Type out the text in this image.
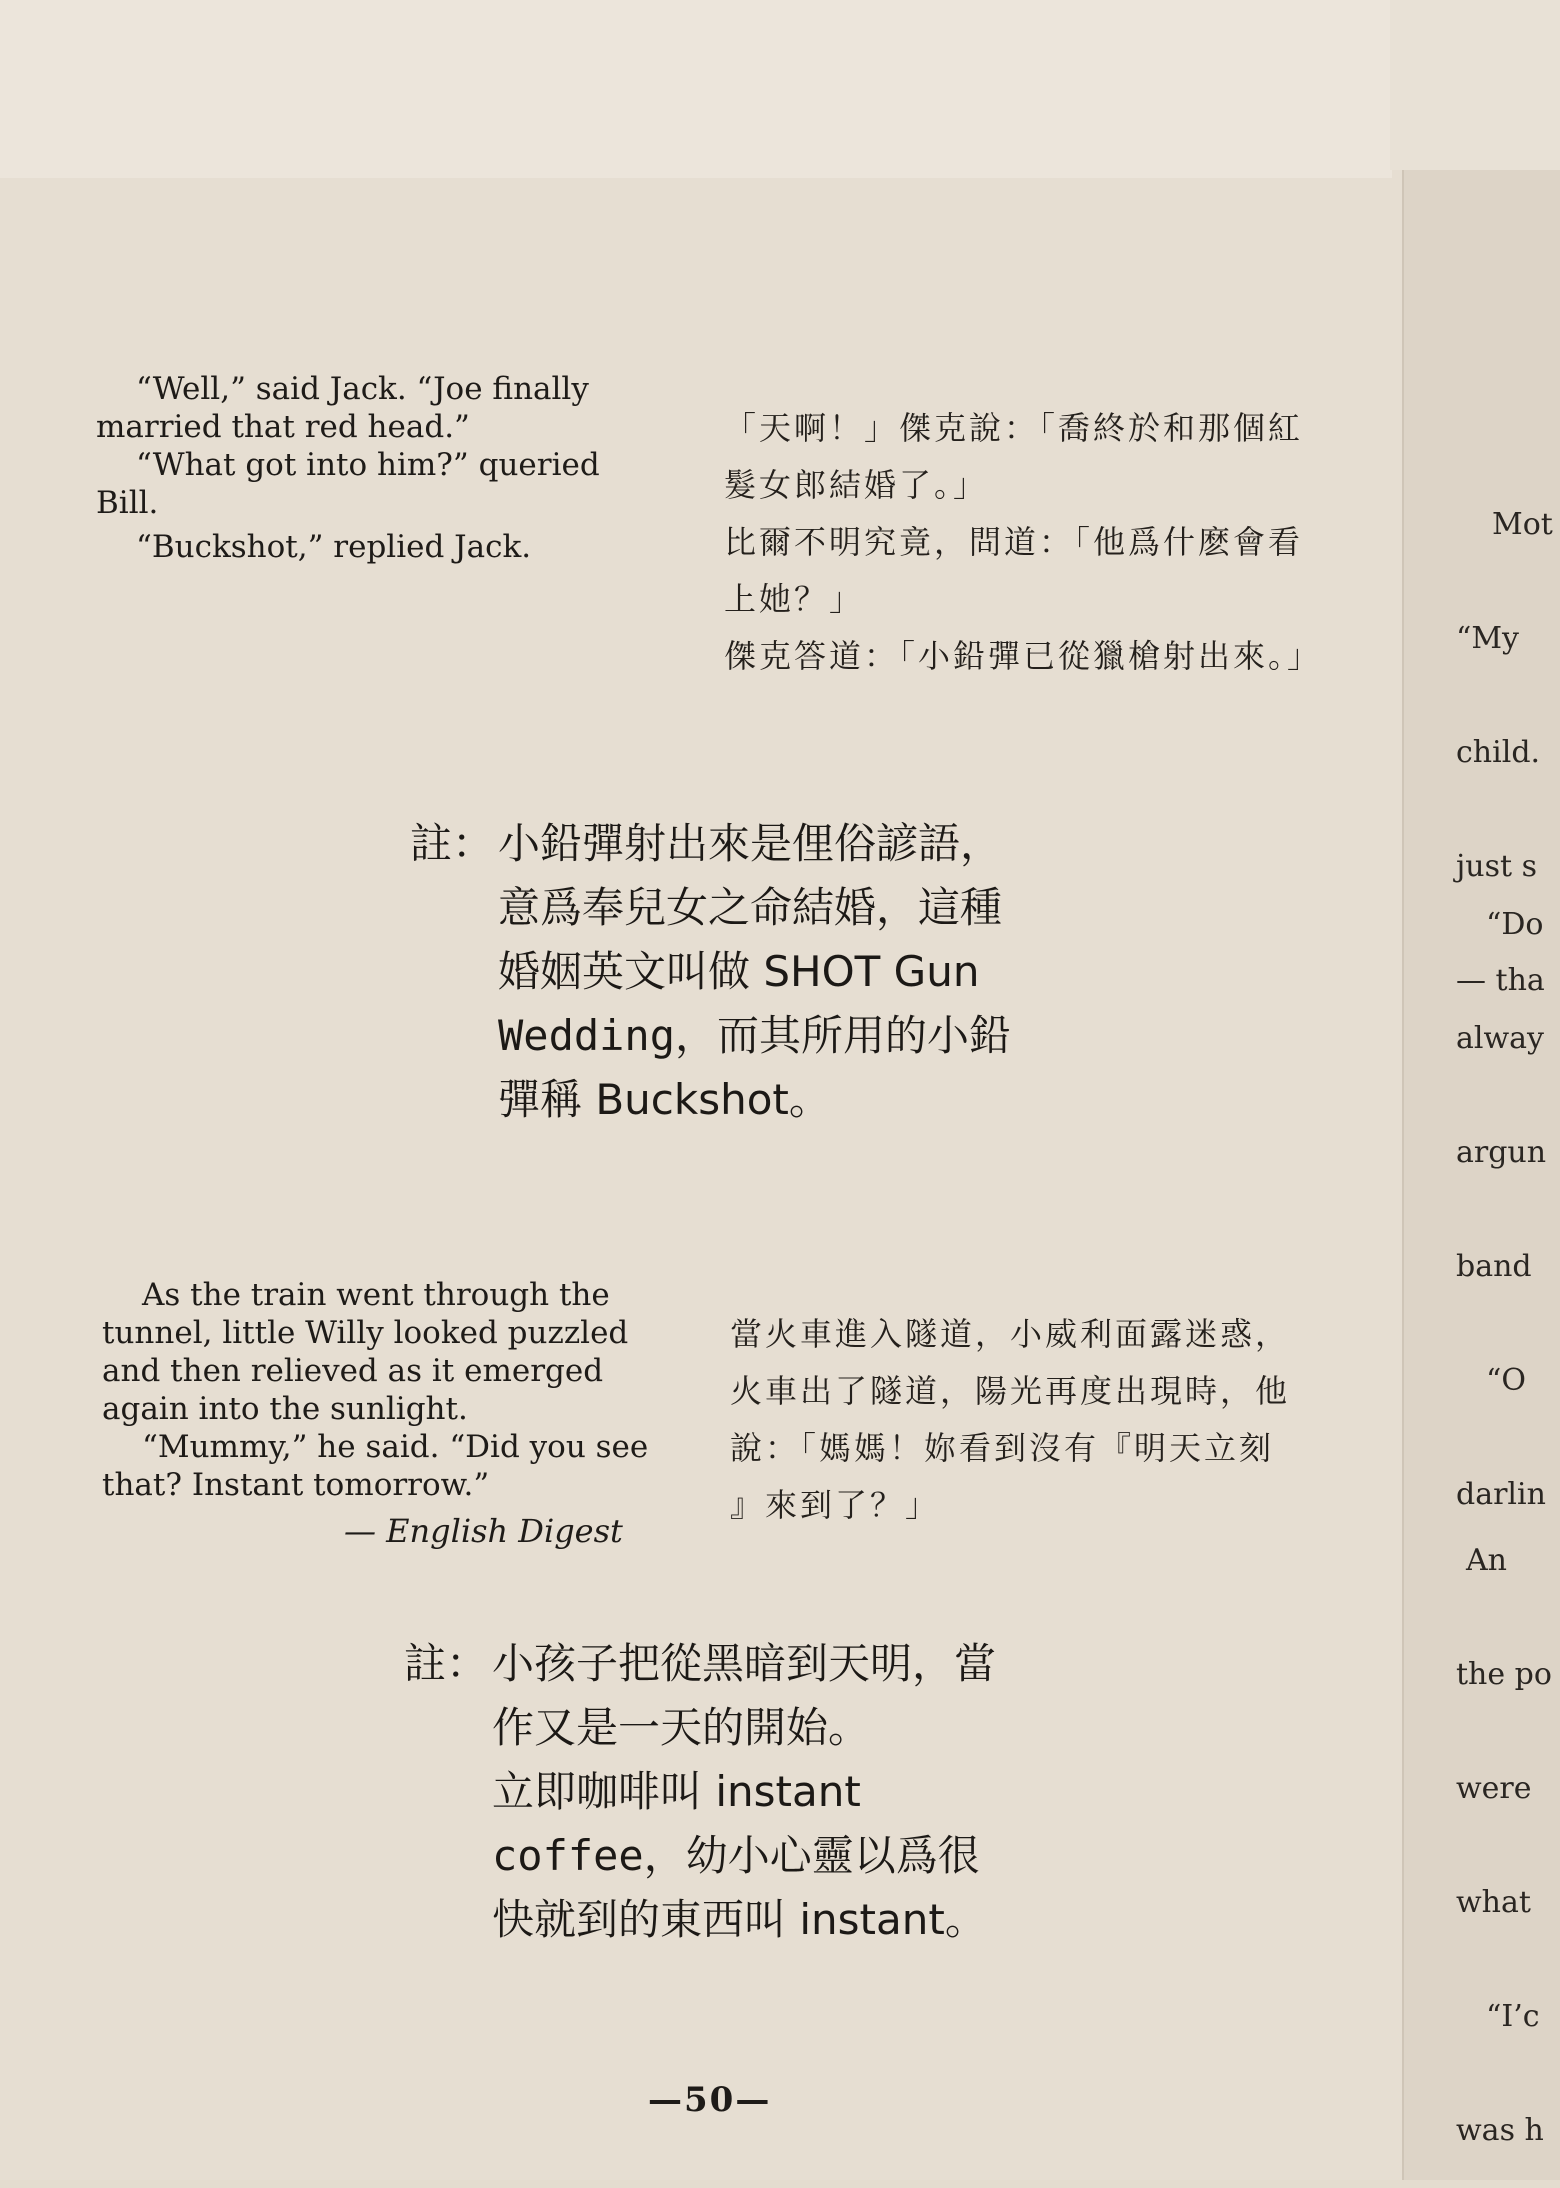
“Well,” said Jack. “Joe finally married that red head.”

“What got into him?” queried Bill.

“Buckshot,” replied Jack.

「天啊！」傑克說：「喬終於和那個紅髮女郎結婚了。」

比爾不明究竟，問道：「他爲什麽會看上她？」

傑克答道：「小鉛彈已從獵槍射出來。」

註： 小鉛彈射出來是俚俗諺語，

意爲奉兒女之命結婚，這種

婚姻英文叫做 SHOT Gun

Wedding，而其所用的小鉛

彈稱 Buckshot。

As the train went through the tunnel, little Willy looked puzzled and then relieved as it emerged again into the sunlight.

“Mummy,” he said. “Did you see that? Instant tomorrow.”

— English Digest

當火車進入隧道，小威利面露迷惑，

火車出了隧道，陽光再度出現時，他

說：「媽媽！妳看到沒有『明天立刻

』來到了？」

註： 小孩子把從黑暗到天明，當

作又是一天的開始。

立即咖啡叫 instant

coffee，幼小心靈以爲很

快就到的東西叫 instant。

—50—

Mot

“My

child.

just s

— tha

“Do

alway

argun

band

“O

darlin

An

the po

were

what

“I’c

was h
